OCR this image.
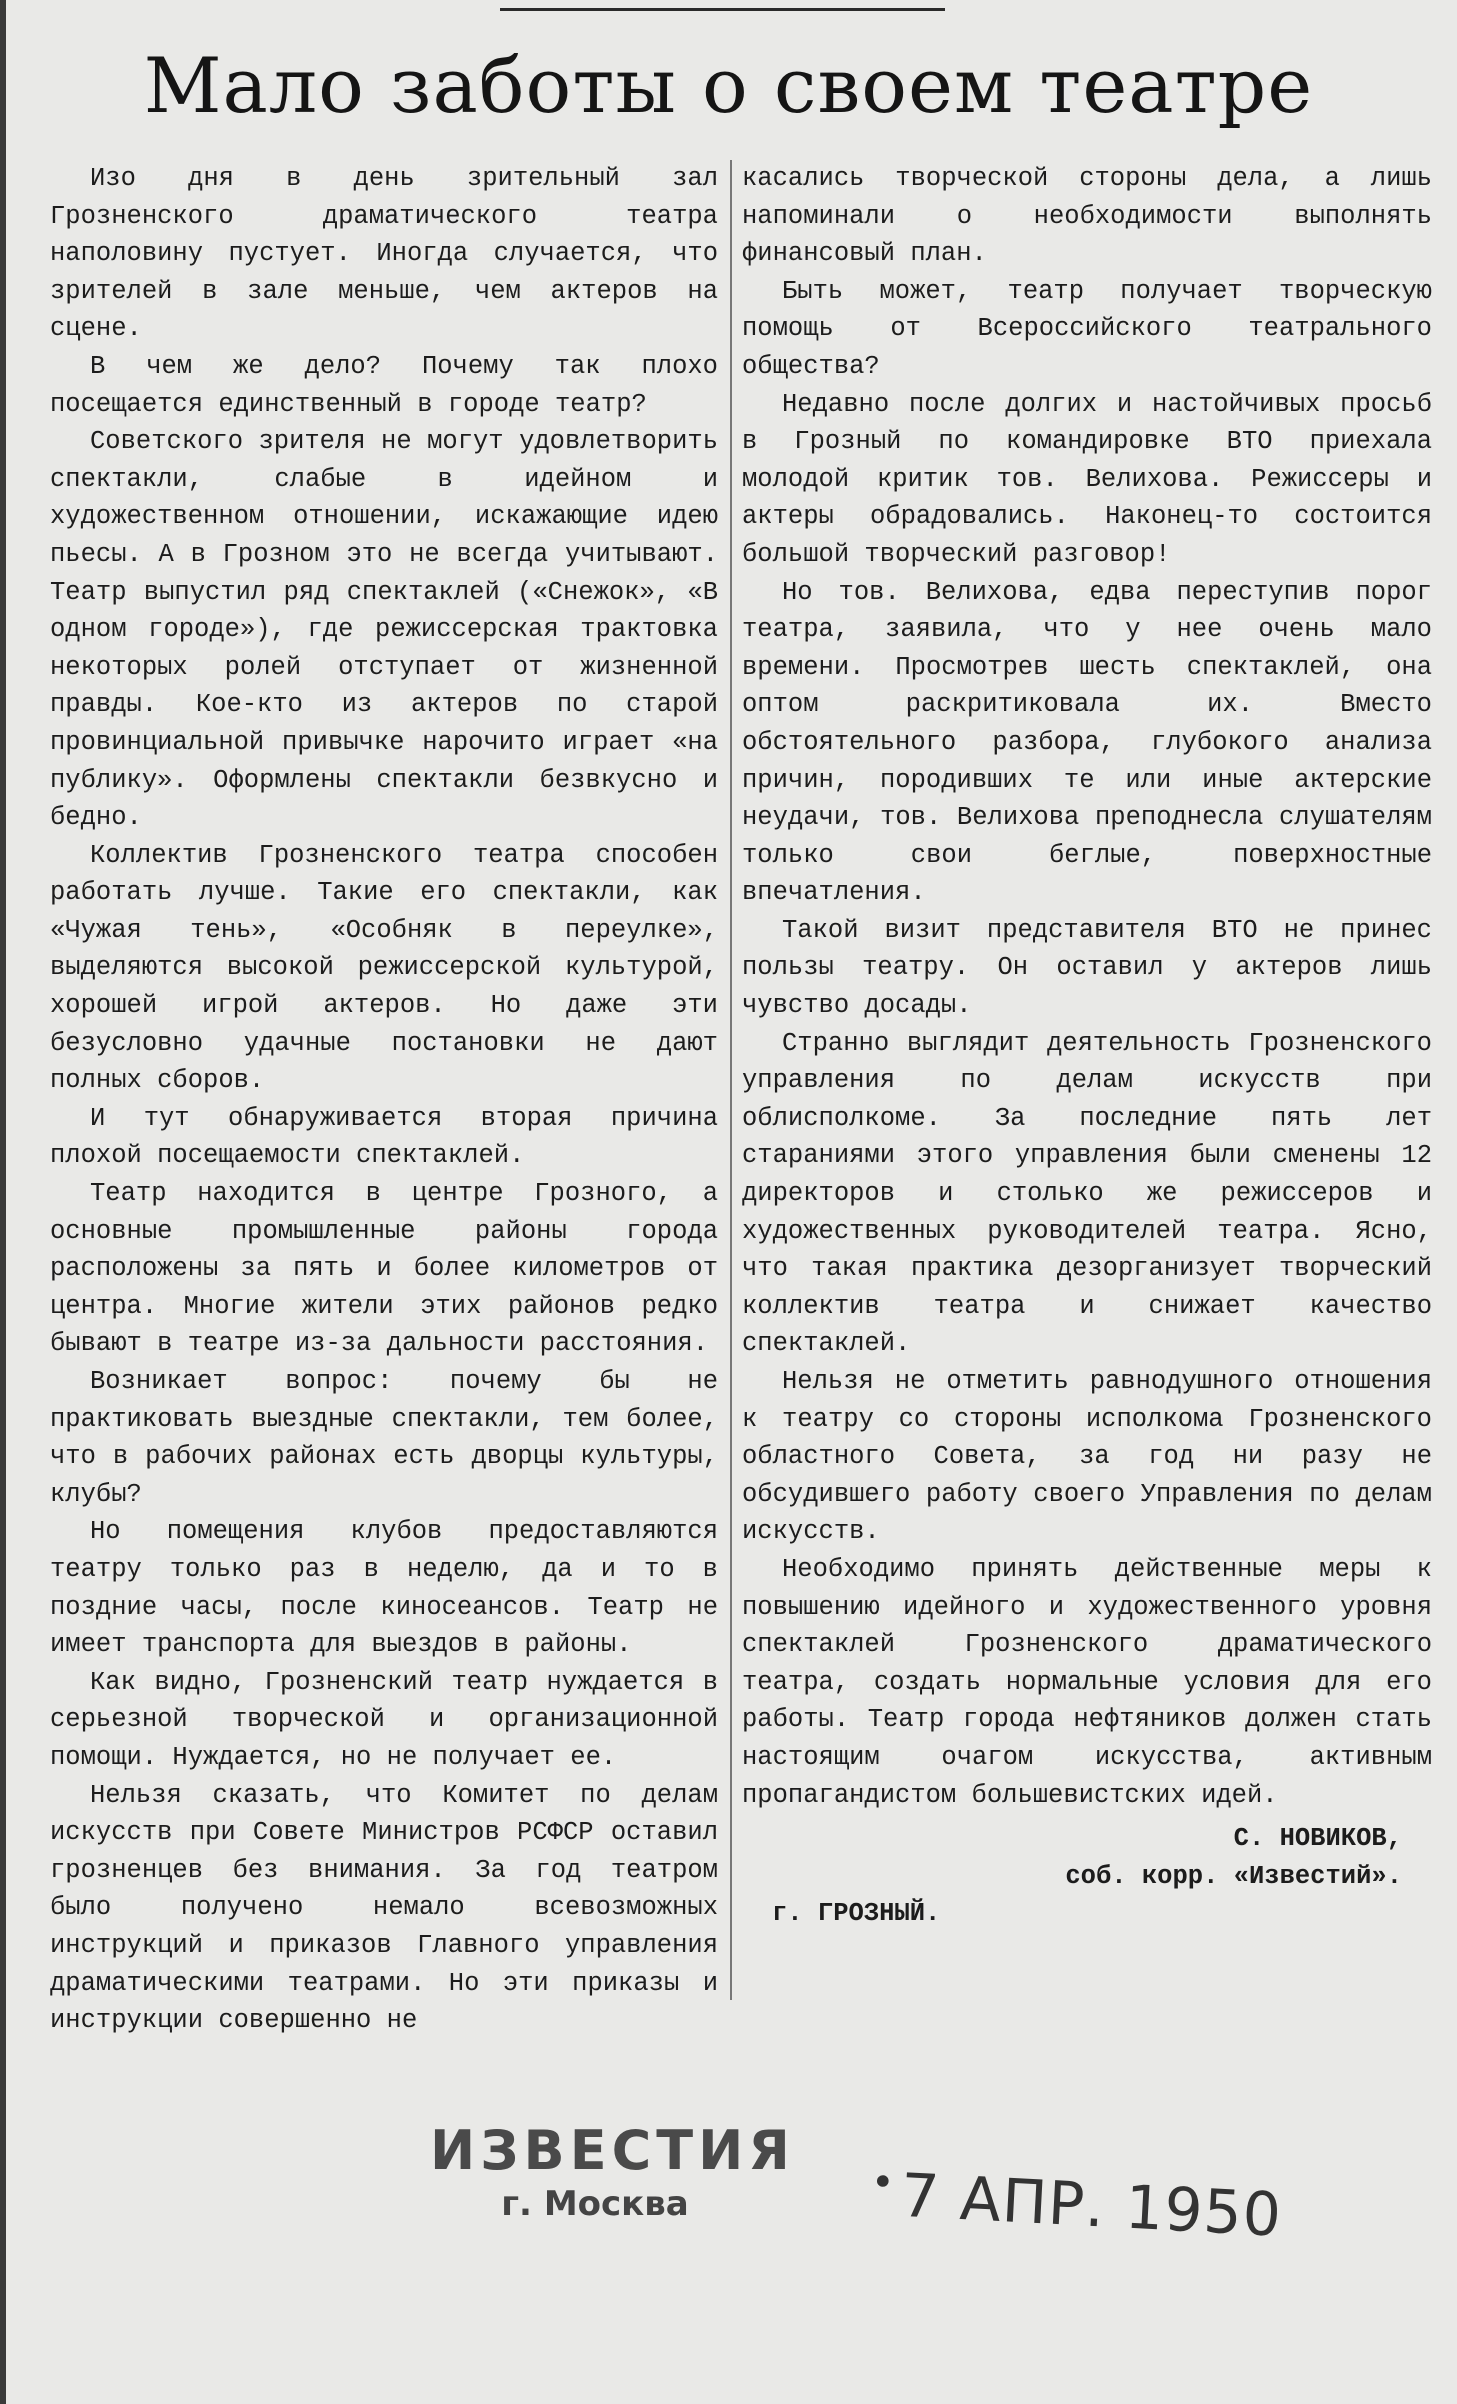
Мало заботы о своем театре

Изо дня в день зрительный зал Грозненского драматического театра наполовину пустует. Иногда случается, что зрителей в зале меньше, чем актеров на сцене.

В чем же дело? Почему так плохо посещается единственный в городе театр?

Советского зрителя не могут удовлетворить спектакли, слабые в идейном и художественном отношении, искажающие идею пьесы. А в Грозном это не всегда учитывают. Театр выпустил ряд спектаклей («Снежок», «В одном городе»), где режиссерская трактовка некоторых ролей отступает от жизненной правды. Кое-кто из актеров по старой провинциальной привычке нарочито играет «на публику». Оформлены спектакли безвкусно и бедно.

Коллектив Грозненского театра способен работать лучше. Такие его спектакли, как «Чужая тень», «Особняк в переулке», выделяются высокой режиссерской культурой, хорошей игрой актеров. Но даже эти безусловно удачные постановки не дают полных сборов.

И тут обнаруживается вторая причина плохой посещаемости спектаклей.

Театр находится в центре Грозного, а основные промышленные районы города расположены за пять и более километров от центра. Многие жители этих районов редко бывают в театре из-за дальности расстояния.

Возникает вопрос: почему бы не практиковать выездные спектакли, тем более, что в рабочих районах есть дворцы культуры, клубы?

Но помещения клубов предоставляются театру только раз в неделю, да и то в поздние часы, после киносеансов. Театр не имеет транспорта для выездов в районы.

Как видно, Грозненский театр нуждается в серьезной творческой и организационной помощи. Нуждается, но не получает ее.

Нельзя сказать, что Комитет по делам искусств при Совете Министров РСФСР оставил грозненцев без внимания. За год театром было получено немало всевозможных инструкций и приказов Главного управления драматическими театрами. Но эти приказы и инструкции совершенно не

касались творческой стороны дела, а лишь напоминали о необходимости выполнять финансовый план.

Быть может, театр получает творческую помощь от Всероссийского театрального общества?

Недавно после долгих и настойчивых просьб в Грозный по командировке ВТО приехала молодой критик тов. Велихова. Режиссеры и актеры обрадовались. Наконец-то состоится большой творческий разговор!

Но тов. Велихова, едва переступив порог театра, заявила, что у нее очень мало времени. Просмотрев шесть спектаклей, она оптом раскритиковала их. Вместо обстоятельного разбора, глубокого анализа причин, породивших те или иные актерские неудачи, тов. Велихова преподнесла слушателям только свои беглые, поверхностные впечатления.

Такой визит представителя ВТО не принес пользы театру. Он оставил у актеров лишь чувство досады.

Странно выглядит деятельность Грозненского управления по делам искусств при облисполкоме. За последние пять лет стараниями этого управления были сменены 12 директоров и столько же режиссеров и художественных руководителей театра. Ясно, что такая практика дезорганизует творческий коллектив театра и снижает качество спектаклей.

Нельзя не отметить равнодушного отношения к театру со стороны исполкома Грозненского областного Совета, за год ни разу не обсудившего работу своего Управления по делам искусств.

Необходимо принять действенные меры к повышению идейного и художественного уровня спектаклей Грозненского драматического театра, создать нормальные условия для его работы. Театр города нефтяников должен стать настоящим очагом искусства, активным пропагандистом большевистских идей.

С. НОВИКОВ,
соб. корр. «Известий».
г. ГРОЗНЫЙ.
ИЗВЕСТИЯ
г. Москва	•7 АПР. 1950
